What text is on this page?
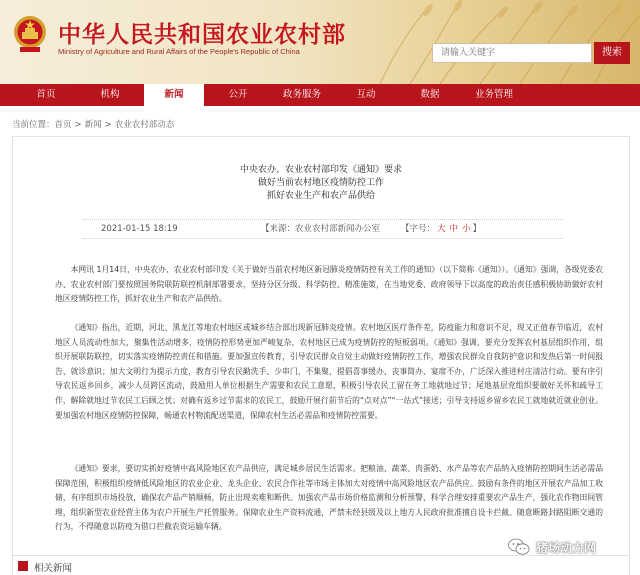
中华人民共和国农业农村部
Ministry of Agriculture and Rural Affairs of the People's Republic of China
请输入关键字	搜索
首页	机构	新闻	公开	政务服务	互动	数据	业务管理
当前位置：首页 > 新闻 > 农业农村部动态
中央农办、农业农村部印发《通知》要求
做好当前农村地区疫情防控工作
抓好农业生产和农产品供给
2021-01-15 18:19	【来源：农业农村部新闻办公室 【字号： 大 中 小 】

本网讯 1月14日，中央农办、农业农村部印发《关于做好当前农村地区新冠肺炎疫情防控有关工作的通知》（以下简称《通知》）。《通知》强调，各级党委农办、农业农村部门要按照国务院联防联控机制部署要求，坚持分区分级、科学防控、精准施策，在当地党委、政府领导下以高度的政治责任感积极协助做好农村地区疫情防控工作，抓好农业生产和农产品供给。

《通知》指出，近期，河北、黑龙江等地农村地区或城乡结合部出现新冠肺炎疫情。农村地区医疗条件差，防疫能力和意识不足，现又正值春节临近，农村地区人员流动性加大，聚集性活动增多，疫情防控形势更加严峻复杂，农村地区已成为疫情防控的短板弱项。《通知》强调，要充分发挥农村基层组织作用，组织开展联防联控，切实落实疫情防控责任和措施。要加强宣传教育，引导农民群众自觉主动做好疫情防控工作，增强农民群众自我防护意识和发热后第一时间报告、就诊意识；加大文明行为提示力度，教育引导农民勤洗手、少串门、不集聚，提倡喜事缓办、丧事简办、宴席不办，广泛深入推进村庄清洁行动。要有序引导农民返乡回乡，减少人员跨区流动，鼓励用人单位根据生产需要和农民工意愿，积极引导农民工留在务工地就地过节；尾地基层党组织要做好关怀和疏导工作，解除就地过节农民工后顾之忧；对确有返乡过节需求的农民工，鼓励开展行前节后的“点对点”“一站式”接送；引导支持返乡留乡农民工就地就近就业创业。要加强农村地区疫情防控保障，畅通农村物流配送渠道，保障农村生活必需品和疫情防控需要。

《通知》要求，要切实抓好疫情中高风险地区农产品供应，满足城乡居民生活需求。把粮油、蔬菜、肉蛋奶、水产品等农产品纳入疫情防控期间生活必需品保障范围，积极组织疫情低风险地区的农业企业、龙头企业、农民合作社等市场主体加大对疫情中高风险地区农产品供应。鼓励有条件的地区开展农产品加工收储，有序组织市场投放，确保农产品产销顺畅，防止出现卖难和断供。加强农产品市场价格监测和分析预警，科学合理安排重要农产品生产，强化农作物田间管理，组织新型农业经营主体为农户开展生产托管服务。保障农业生产资料流通，严禁未经县级及以上地方人民政府批准擅自设卡拦截、随意断路封路阻断交通的行为，不得随意以防疫为借口拦截农资运输车辆。

相关新闻
猪场动力网
